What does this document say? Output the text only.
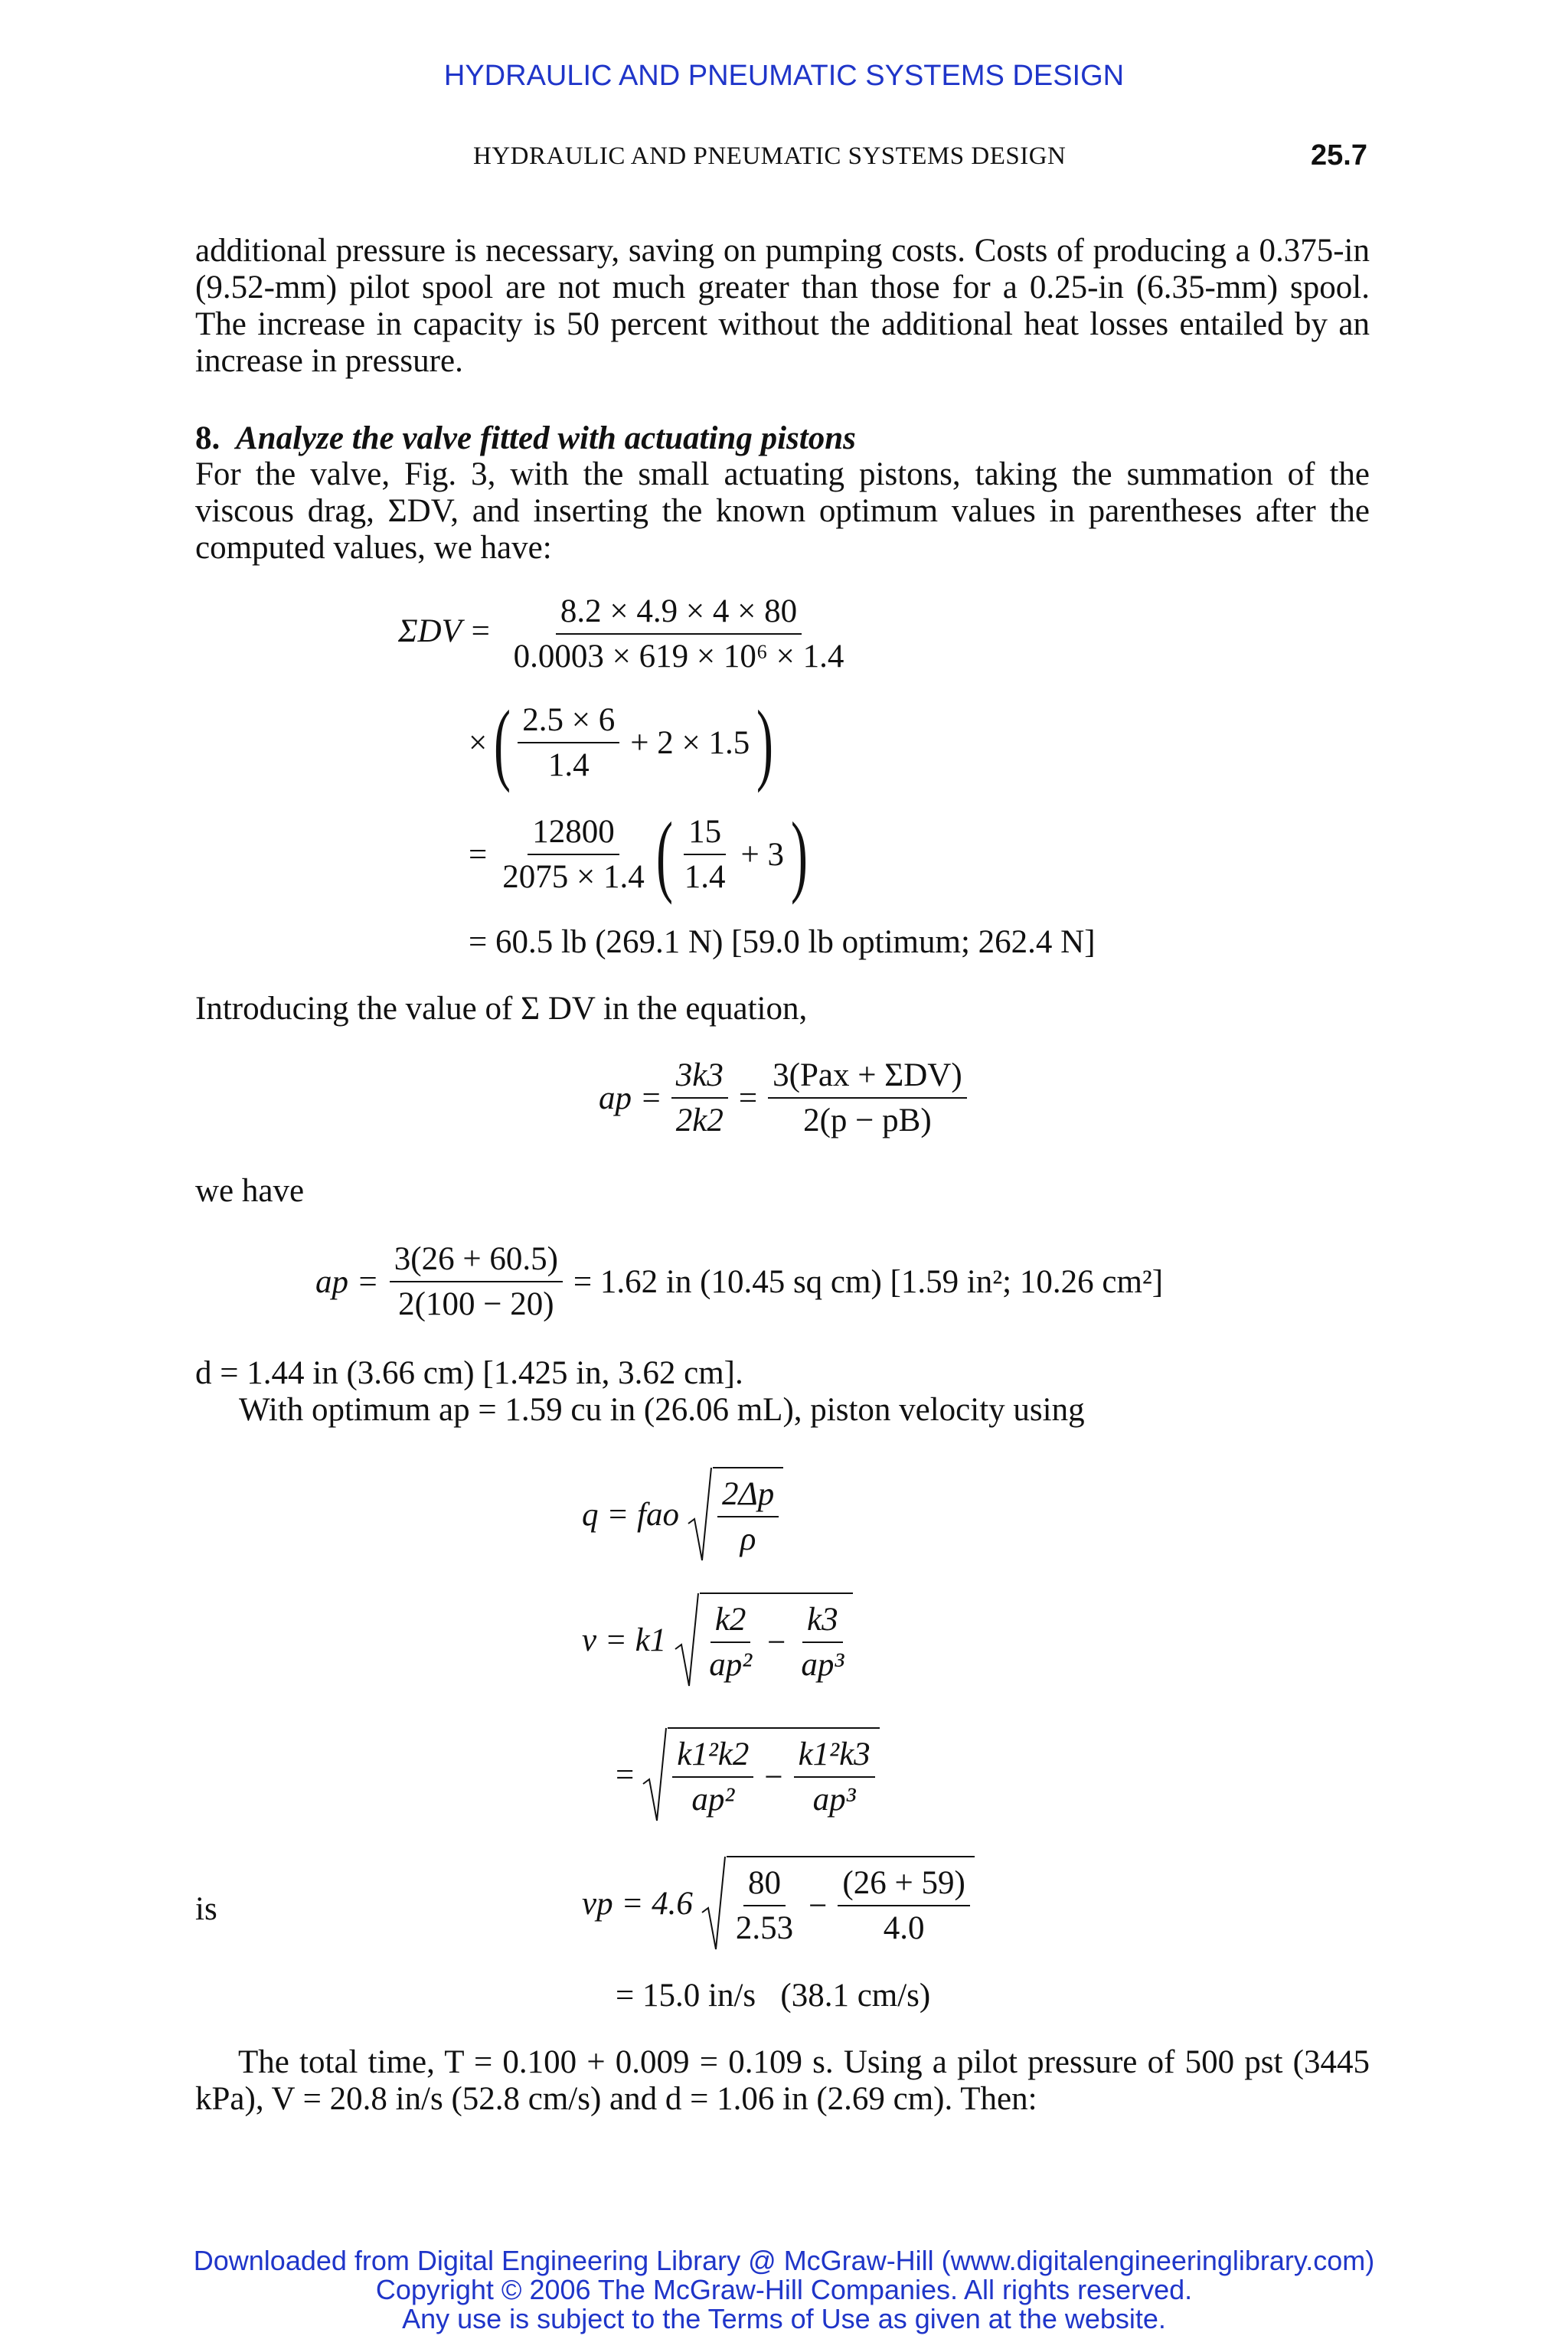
HYDRAULIC AND PNEUMATIC SYSTEMS DESIGN
HYDRAULIC AND PNEUMATIC SYSTEMS DESIGN	25.7
additional pressure is necessary, saving on pumping costs. Costs of producing a 0.375-in (9.52-mm) pilot spool are not much greater than those for a 0.25-in (6.35-mm) spool. The increase in capacity is 50 percent without the additional heat losses entailed by an increase in pressure.
8. Analyze the valve fitted with actuating pistons
For the valve, Fig. 3, with the small actuating pistons, taking the summation of the viscous drag, ΣDV, and inserting the known optimum values in parentheses after the computed values, we have:
$\Sigma DV = \frac{8.2 \times 4.9 \times 4 \times 80}{\text{0.0003 × 619 × 10⁶ × 1.4}}$
× ( $\frac{2.5 \times 6}{1.4} + 2 \times 1.5$ )
= $\frac{12800}{2075 \times 1.4}$ ( $\frac{15}{1.4} + 3$ )
= 60.5 lb (269.1 N) [59.0 lb optimum; 262.4 N]
Introducing the value of Σ DV in the equation,
ap = $\frac{3k3}{2k2} = \frac{\text{3(Pax + ΣDV)}}{2(p - pB)}$
we have
ap = $\frac{3(26 + 60.5)}{2(100 - 20)} = 1.62$ in (10.45 sq cm) [1.59 in²; 10.26 cm²]
d = 1.44 in (3.66 cm) [1.425 in, 3.62 cm].
With optimum ap = 1.59 cu in (26.06 mL), piston velocity using
q = fao $\frac{2\Delta p}{\rho}$
$v = k1 \frac{k2}{\text{ap²}} - \frac{k3}{\text{ap³}}$
= $\frac{\text{k1²k2}}{\text{ap²}} - \frac{\text{k1²k3}}{\text{ap³}}$
is	vp = $4.6 \frac{80}{2.53} - \frac{(26 + 59)}{4.0}$
= 15.0 in/s   (38.1 cm/s)
The total time, T = 0.100 + 0.009 = 0.109 s. Using a pilot pressure of 500 pst (3445 kPa), V = 20.8 in/s (52.8 cm/s) and d = 1.06 in (2.69 cm). Then:
Downloaded from Digital Engineering Library @ McGraw-Hill (www.digitalengineeringlibrary.com)
Copyright © 2006 The McGraw-Hill Companies. All rights reserved.
Any use is subject to the Terms of Use as given at the website.
